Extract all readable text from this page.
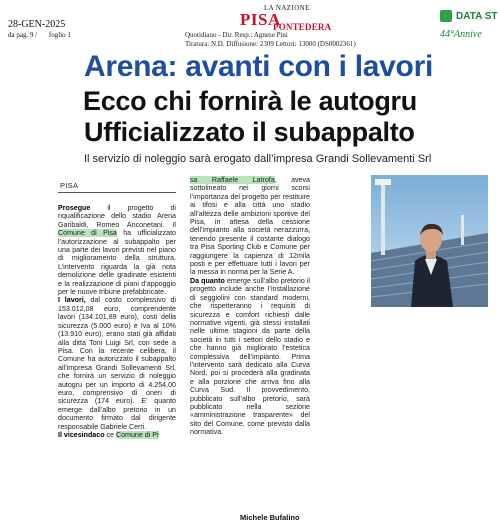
28-GEN-2025
da pag. 9 / foglio 1
LA NAZIONE
PISA
PONTEDERA
Quotidiano - Dir. Resp.: Agnese Pini
Tiratura: N.D. Diffusione: 2309 Lettori: 13000 (DS0002361)
DATA ST
44°Annive
Arena: avanti con i lavori
Ecco chi fornirà le autogru
Ufficializzato il subappalto
Il servizio di noleggio sarà erogato dall’impresa Grandi Sollevamenti Srl
PISA

Prosegue il progetto di riqualificazione dello stadio Arena Garibaldi, Romeo Anconetani. Il Comune di Pisa ha ufficializzato l’autorizzazione al subappalto per una parte dei lavori previsti nel piano di miglioramento della struttura. L’intervento riguarda la già nota demolizione delle gradinate esistenti e la realizzazione di piani d’appoggio per le nuove tribune prefabbricate.

I lavori, dal costo complessivo di 153.012,08 euro, comprendente lavori (134.101,89 euro), costi della sicurezza (5.000 euro) e Iva al 10% (13.910 euro), erano stati già affidati alla ditta Toni Luigi Srl, con sede a Pisa. Con la recente celibera, il Comune ha autorizzato il subappalto all’impresa Grandi Sollevamenti Srl, che fornirà un servizio di noleggio autogru per un importo di 4.254,00 euro, comprensivo di oneri di sicurezza (174 euro). E’ quanto emerge dall’albo pretorio in un documento firmato dal dirigente responsabile Gabriele Cerri.

Il vicesindaco ce Comune di Pi

sa Raffaele Latrofa, aveva sottolineato nei giorni scorsi l’importanza del progetto per restituire ai tifosi e alla città uno stadio all’altezza delle ambizioni sportive del Pisa, in attesa della cessione dell’impianto alla società nerazzurra, tenendo presente il costante dialogo tra Pisa Sporting Club e Comune per raggiungere la capienza di 12mila posti e per effettuare tutti i lavori per la messa in norma per la Serie A.

Da quanto emerge sull’albo pretorio il progetto include anche l’installazione di seggiolini con standard moderni, che rispetteranno i requisiti di sicurezza e comfort richiesti dalle normative vigenti, già stessi installati nelle ultime stagioni da parte della società in tutti i settori dello stadio e che hanno già migliorato l’estetica complessiva dell’impianto. Prima l’intervento sarà dedicato alla Curva Nord, poi si procederà alla gradinata e alla porzione che arriva fino alla Curva Sud. Il provvedimento, pubblicato sull’albo pretorio, sarà pubblicato nella sezione «amministrazione trasparente» del sito del Comune, come previsto dalla normativa.

Michele Bufalino
